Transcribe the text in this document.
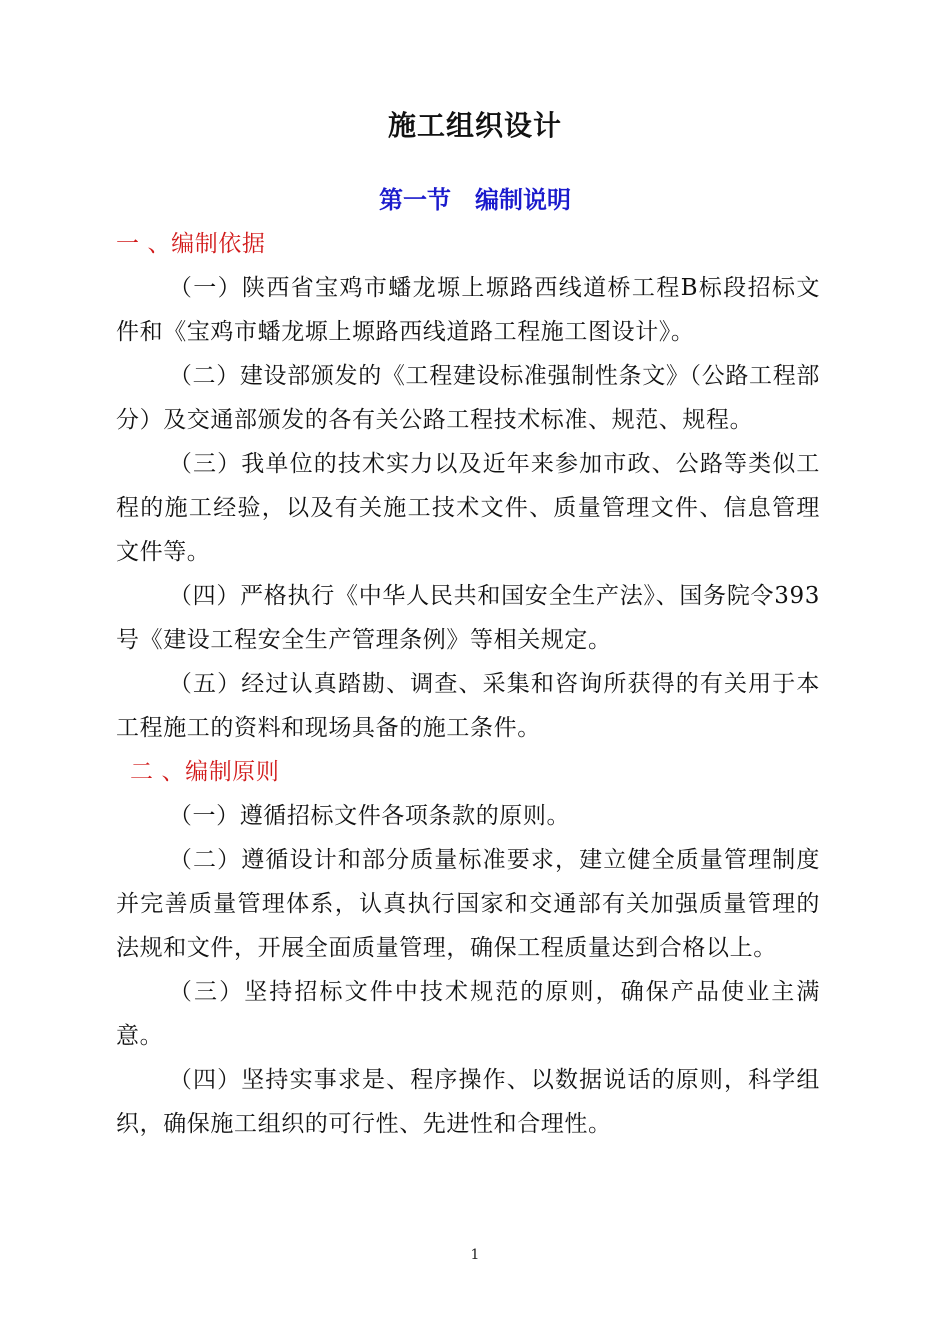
施工组织设计
第一节　编制说明
一 、编制依据

（一）陕西省宝鸡市蟠龙塬上塬路西线道桥工程B标段招标文件和《宝鸡市蟠龙塬上塬路西线道路工程施工图设计》。

（二）建设部颁发的《工程建设标准强制性条文》（公路工程部分）及交通部颁发的各有关公路工程技术标准、规范、规程。

（三）我单位的技术实力以及近年来参加市政、公路等类似工程的施工经验，以及有关施工技术文件、质量管理文件、信息管理文件等。

（四）严格执行《中华人民共和国安全生产法》、国务院令393号《建设工程安全生产管理条例》等相关规定。

（五）经过认真踏勘、调查、采集和咨询所获得的有关用于本工程施工的资料和现场具备的施工条件。

二 、编制原则

（一）遵循招标文件各项条款的原则。

（二）遵循设计和部分质量标准要求，建立健全质量管理制度并完善质量管理体系，认真执行国家和交通部有关加强质量管理的法规和文件，开展全面质量管理，确保工程质量达到合格以上。

（三）坚持招标文件中技术规范的原则，确保产品使业主满意。

（四）坚持实事求是、程序操作、以数据说话的原则，科学组织，确保施工组织的可行性、先进性和合理性。

1
